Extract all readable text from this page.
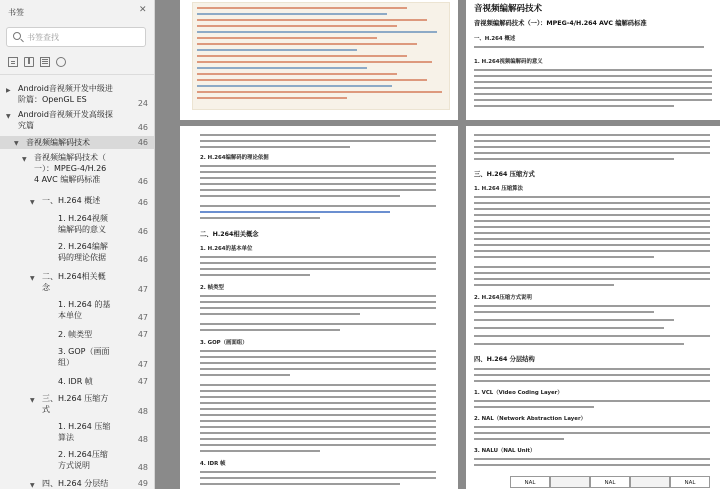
书签	✕
书签查找
▶ Android音视频开发中级进
阶篇：OpenGL ES	24
▼ Android音视频开发高级探
究篇	46
▼ 音视频编解码技术	46
▼ 音视频编解码技术（
一）：MPEG-4/H.26
4 AVC 编解码标准	46
▼ 一、H.264 概述	46
1. H.264视频
编解码的意义	46
2. H.264编解
码的理论依据	46
▼ 二、H.264相关概
念	47
1. H.264 的基
本单位	47
2. 帧类型	47
3. GOP（画面
组）	47
4. IDR 帧	47
▼ 三、H.264 压缩方
式	48
1. H.264 压缩
算法	48
2. H.264压缩
方式说明	48
▼ 四、H.264 分层结	49
音视频编解码技术
音视频编解码技术（一）：MPEG-4/H.264 AVC 编解码标准
一、H.264 概述
1. H.264视频编解码的意义
2. H.264编解码的理论依据
二、H.264相关概念
1. H.264的基本单位
2. 帧类型
3. GOP（画面组）
4. IDR 帧
三、H.264 压缩方式
1. H.264 压缩算法
2. H.264压缩方式说明
四、H.264 分层结构
1. VCL（Video Coding Layer）
2. NAL（Network Abstraction Layer）
3. NALU（NAL Unit）
NAL	NAL	NAL
